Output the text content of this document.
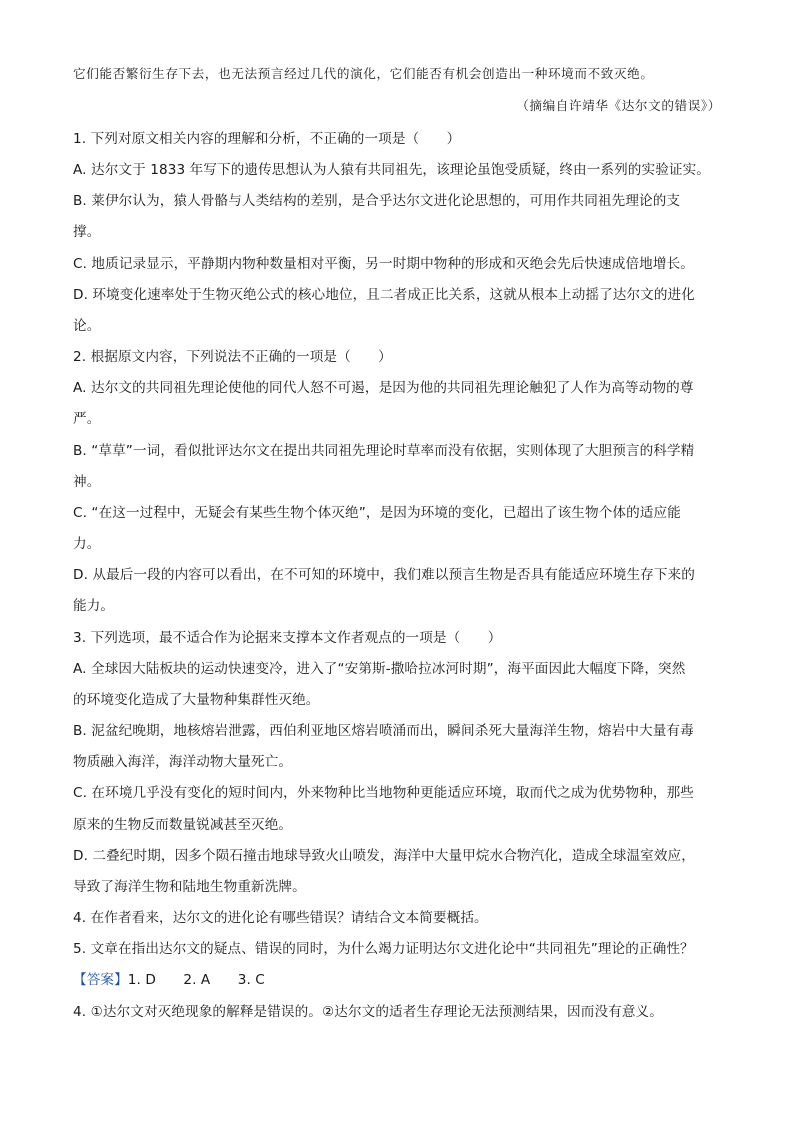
它们能否繁衍生存下去，也无法预言经过几代的演化，它们能否有机会创造出一种环境而不致灭绝。
（摘编自许靖华《达尔文的错误》）
1. 下列对原文相关内容的理解和分析，不正确的一项是（　　）
A. 达尔文于 1833 年写下的遗传思想认为人猿有共同祖先，该理论虽饱受质疑，终由一系列的实验证实。
B. 莱伊尔认为，猿人骨骼与人类结构的差别，是合乎达尔文进化论思想的，可用作共同祖先理论的支
撑。
C. 地质记录显示，平静期内物种数量相对平衡，另一时期中物种的形成和灭绝会先后快速成倍地增长。
D. 环境变化速率处于生物灭绝公式的核心地位，且二者成正比关系，这就从根本上动摇了达尔文的进化
论。
2. 根据原文内容，下列说法不正确的一项是（　　）
A. 达尔文的共同祖先理论使他的同代人怒不可遏，是因为他的共同祖先理论触犯了人作为高等动物的尊
严。
B. “草草”一词，看似批评达尔文在提出共同祖先理论时草率而没有依据，实则体现了大胆预言的科学精
神。
C. “在这一过程中，无疑会有某些生物个体灭绝”，是因为环境的变化，已超出了该生物个体的适应能
力。
D. 从最后一段的内容可以看出，在不可知的环境中，我们难以预言生物是否具有能适应环境生存下来的
能力。
3. 下列选项，最不适合作为论据来支撑本文作者观点的一项是（　　）
A. 全球因大陆板块的运动快速变冷，进入了“安第斯-撒哈拉冰河时期”，海平面因此大幅度下降，突然
的环境变化造成了大量物种集群性灭绝。
B. 泥盆纪晚期，地核熔岩泄露，西伯利亚地区熔岩喷涌而出，瞬间杀死大量海洋生物，熔岩中大量有毒
物质融入海洋，海洋动物大量死亡。
C. 在环境几乎没有变化的短时间内，外来物种比当地物种更能适应环境，取而代之成为优势物种，那些
原来的生物反而数量锐减甚至灭绝。
D. 二叠纪时期，因多个陨石撞击地球导致火山喷发，海洋中大量甲烷水合物汽化，造成全球温室效应，
导致了海洋生物和陆地生物重新洗牌。
4. 在作者看来，达尔文的进化论有哪些错误？请结合文本简要概括。
5. 文章在指出达尔文的疑点、错误的同时，为什么竭力证明达尔文进化论中“共同祖先”理论的正确性？
【答案】1. D　　2. A　　3. C
4. ①达尔文对灭绝现象的解释是错误的。②达尔文的适者生存理论无法预测结果，因而没有意义。
